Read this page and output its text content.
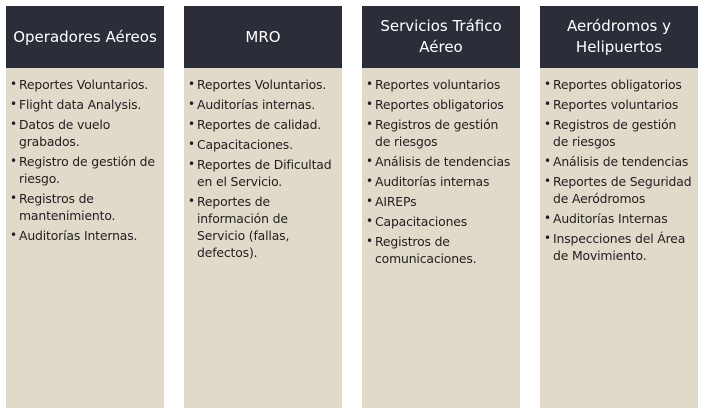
Operadores Aéreos
• Reportes Voluntarios.
• Flight data Analysis.
• Datos de vuelo grabados.
• Registro de gestión de riesgo.
• Registros de mantenimiento.
• Auditorías Internas.
MRO
• Reportes Voluntarios.
• Auditorías internas.
• Reportes de calidad.
• Capacitaciones.
• Reportes de Dificultad en el Servicio.
• Reportes de información de Servicio (fallas, defectos).
Servicios Tráfico Aéreo
• Reportes voluntarios
• Reportes obligatorios
• Registros de gestión de riesgos
• Análisis de tendencias
• Auditorías internas
• AIREPs
• Capacitaciones
• Registros de comunicaciones.
Aeródromos y Helipuertos
• Reportes obligatorios
• Reportes voluntarios
• Registros de gestión de riesgos
• Análisis de tendencias
• Reportes de Seguridad de Aeródromos
• Auditorías Internas
• Inspecciones del Área de Movimiento.
